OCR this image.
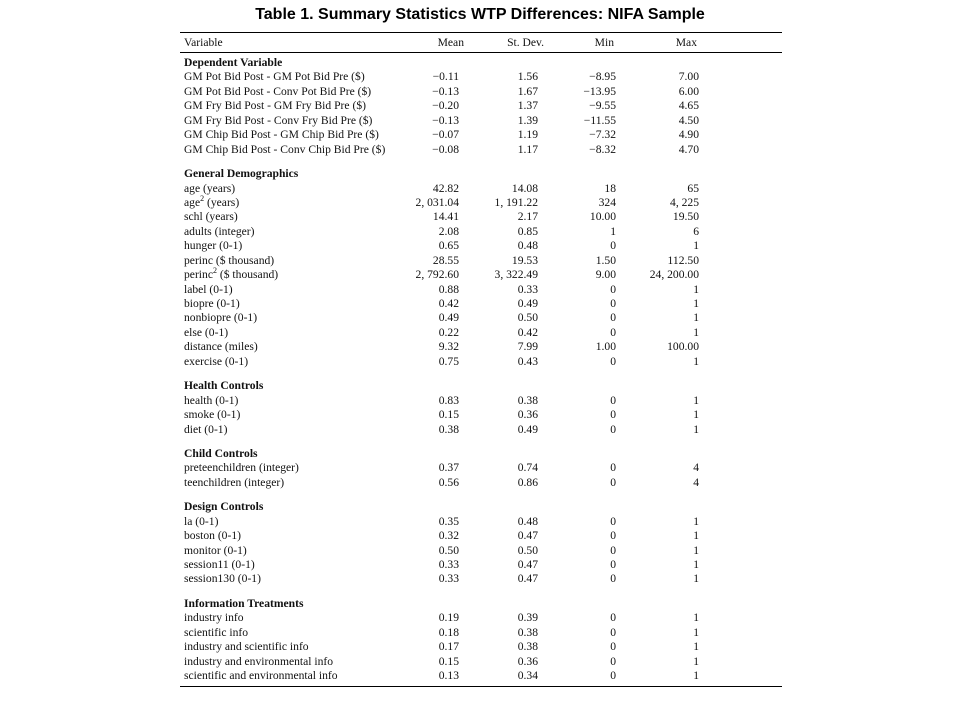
Table 1. Summary Statistics WTP Differences: NIFA Sample
Variable	Mean	St. Dev.	Min	Max
Dependent Variable
GM Pot Bid Post - GM Pot Bid Pre ($)	−0.11	1.56	−8.95	7.00
GM Pot Bid Post - Conv Pot Bid Pre ($)	−0.13	1.67	−13.95	6.00
GM Fry Bid Post - GM Fry Bid Pre ($)	−0.20	1.37	−9.55	4.65
GM Fry Bid Post - Conv Fry Bid Pre ($)	−0.13	1.39	−11.55	4.50
GM Chip Bid Post - GM Chip Bid Pre ($)	−0.07	1.19	−7.32	4.90
GM Chip Bid Post - Conv Chip Bid Pre ($)	−0.08	1.17	−8.32	4.70
General Demographics
age (years)	42.82	14.08	18	65
age$^2$ (years)	2, 031.04	1, 191.22	324	4, 225
schl (years)	14.41	2.17	10.00	19.50
adults (integer)	2.08	0.85	1	6
hunger (0-1)	0.65	0.48	0	1
perinc ($ thousand)	28.55	19.53	1.50	112.50
perinc$^2$ ($ thousand)	2, 792.60	3, 322.49	9.00	24, 200.00
label (0-1)	0.88	0.33	0	1
biopre (0-1)	0.42	0.49	0	1
nonbiopre (0-1)	0.49	0.50	0	1
else (0-1)	0.22	0.42	0	1
distance (miles)	9.32	7.99	1.00	100.00
exercise (0-1)	0.75	0.43	0	1
Health Controls
health (0-1)	0.83	0.38	0	1
smoke (0-1)	0.15	0.36	0	1
diet (0-1)	0.38	0.49	0	1
Child Controls
preteenchildren (integer)	0.37	0.74	0	4
teenchildren (integer)	0.56	0.86	0	4
Design Controls
la (0-1)	0.35	0.48	0	1
boston (0-1)	0.32	0.47	0	1
monitor (0-1)	0.50	0.50	0	1
session11 (0-1)	0.33	0.47	0	1
session130 (0-1)	0.33	0.47	0	1
Information Treatments
industry info	0.19	0.39	0	1
scientific info	0.18	0.38	0	1
industry and scientific info	0.17	0.38	0	1
industry and environmental info	0.15	0.36	0	1
scientific and environmental info	0.13	0.34	0	1
